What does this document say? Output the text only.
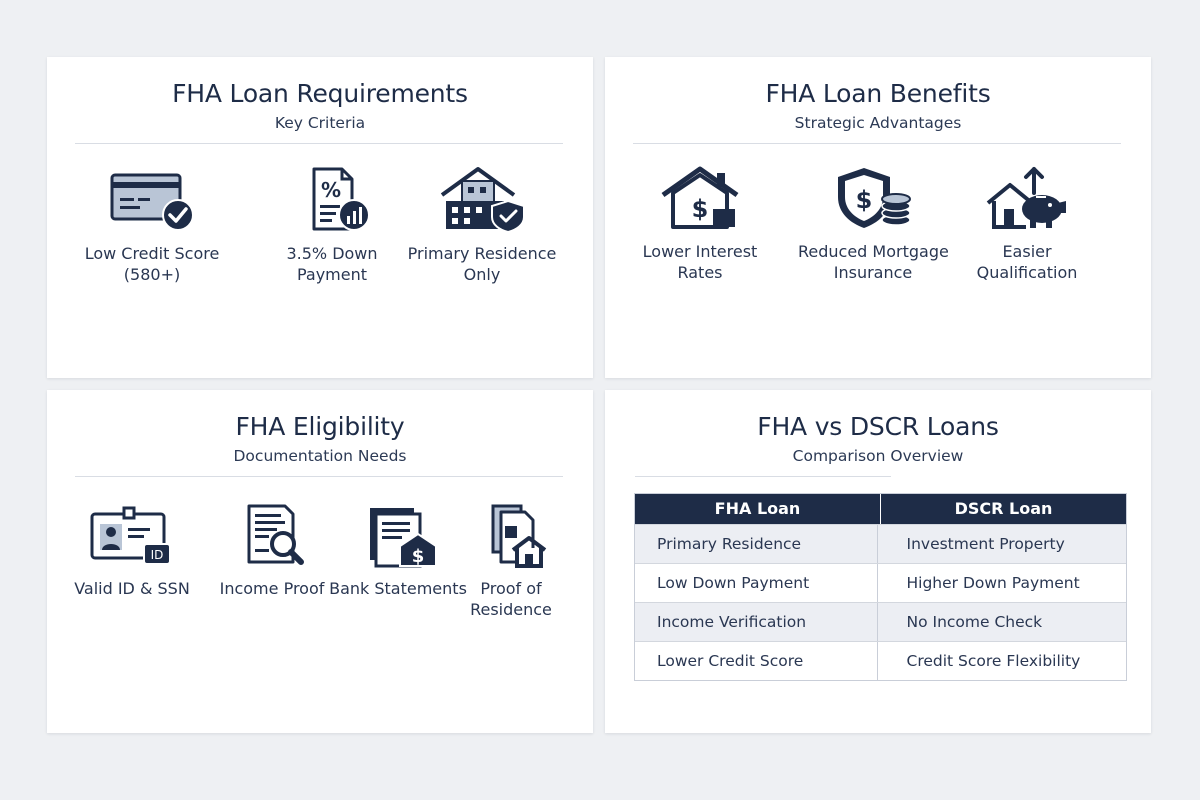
FHA Loan Requirements
Key Criteria
Low Credit Score
(580+)
%
3.5% Down
Payment
Primary Residence
Only
FHA Loan Benefits
Strategic Advantages
$
Lower Interest
Rates
$
Reduced Mortgage
Insurance
Easier
Qualification
FHA Eligibility
Documentation Needs
ID
Valid ID & SSN	Income Proof
$
Bank Statements Proof of
Residence
FHA vs DSCR Loans
Comparison Overview
FHA Loan	DSCR Loan
Primary Residence	Investment Property
Low Down Payment	Higher Down Payment
Income Verification	No Income Check
Lower Credit Score	Credit Score Flexibility
